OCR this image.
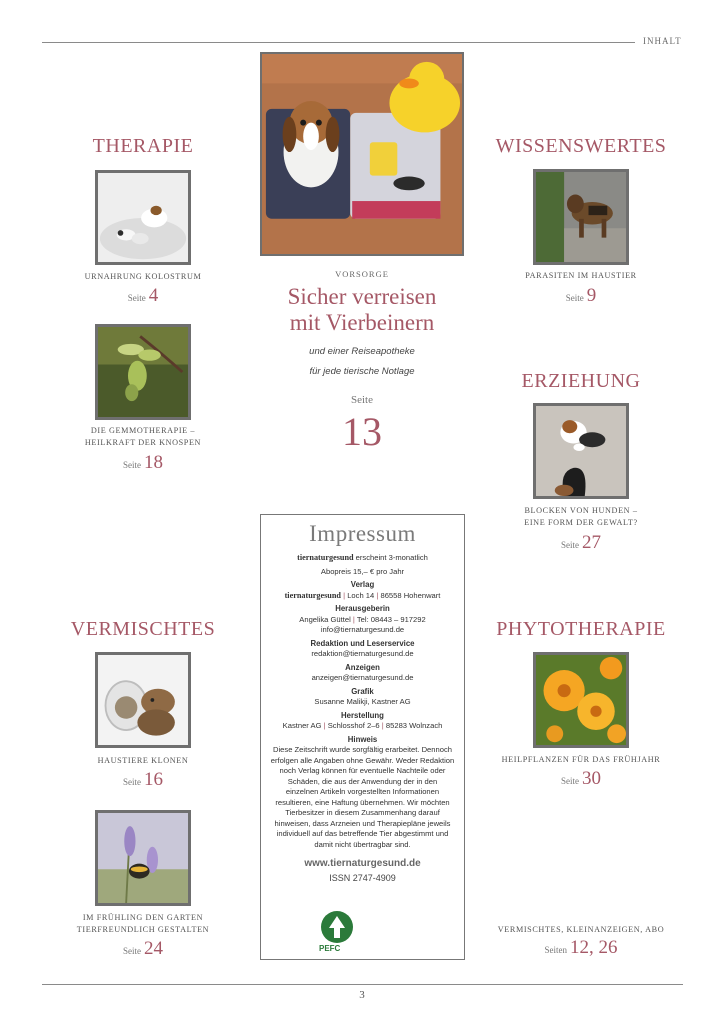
INHALT
THERAPIE
URNAHRUNG KOLOSTRUM
Seite 4
DIE GEMMOTHERAPIE –
HEILKRAFT DER KNOSPEN
Seite 18
VERMISCHTES
HAUSTIERE KLONEN
Seite 16
IM FRÜHLING DEN GARTEN
TIERFREUNDLICH GESTALTEN
Seite 24
VORSORGE
Sicher verreisen
mit Vierbeinern
und einer Reiseapotheke
für jede tierische Notlage
Seite
13
Impressum
tiernaturgesund erscheint 3-monatlich
Abopreis 15,– € pro Jahr
Verlag
tiernaturgesund | Loch 14 | 86558 Hohenwart
Herausgeberin
Angelika Güttel | Tel: 08443 – 917292
info@tiernaturgesund.de
Redaktion und Leserservice
redaktion@tiernaturgesund.de
Anzeigen
anzeigen@tiernaturgesund.de
Grafik
Susanne Malikji, Kastner AG
Herstellung
Kastner AG | Schlosshof 2–6 | 85283 Wolnzach
Hinweis
Diese Zeitschrift wurde sorgfältig erarbeitet. Dennoch
erfolgen alle Angaben ohne Gewähr. Weder Redaktion
noch Verlag können für eventuelle Nachteile oder
Schäden, die aus der Anwendung der in den
einzelnen Artikeln vorgestellten Informationen
resultieren, eine Haftung übernehmen. Wir möchten
Tierbesitzer in diesem Zusammenhang darauf
hinweisen, dass Arzneien und Therapiepläne jeweils
individuell auf das betreffende Tier abgestimmt und
damit nicht übertragbar sind.
www.tiernaturgesund.de
ISSN 2747-4909
PEFC
WISSENSWERTES
PARASITEN IM HAUSTIER
Seite 9
ERZIEHUNG
BLOCKEN VON HUNDEN –
EINE FORM DER GEWALT?
Seite 27
PHYTOTHERAPIE
HEILPFLANZEN FÜR DAS FRÜHJAHR
Seite 30
VERMISCHTES, KLEINANZEIGEN, ABO
Seiten 12, 26
3
